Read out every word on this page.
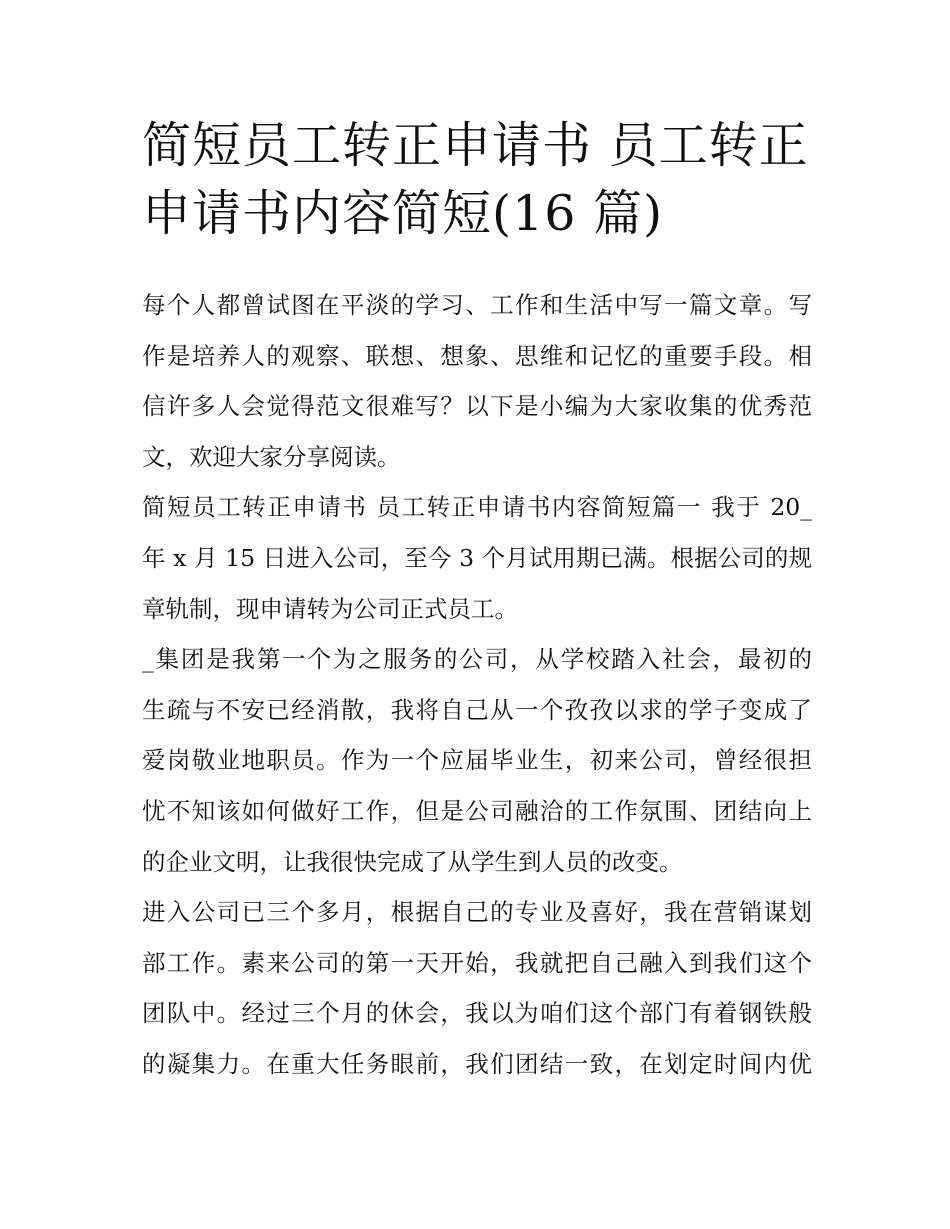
简短员工转正申请书 员工转正
申请书内容简短(16 篇)
每个人都曾试图在平淡的学习、工作和生活中写一篇文章。写
作是培养人的观察、联想、想象、思维和记忆的重要手段。相
信许多人会觉得范文很难写？以下是小编为大家收集的优秀范
文，欢迎大家分享阅读。
简短员工转正申请书 员工转正申请书内容简短篇一 我于 20_
年 x 月 15 日进入公司，至今 3 个月试用期已满。根据公司的规
章轨制，现申请转为公司正式员工。
_集团是我第一个为之服务的公司，从学校踏入社会，最初的
生疏与不安已经消散，我将自己从一个孜孜以求的学子变成了
爱岗敬业地职员。作为一个应届毕业生，初来公司，曾经很担
忧不知该如何做好工作，但是公司融洽的工作氛围、团结向上
的企业文明，让我很快完成了从学生到人员的改变。
进入公司已三个多月，根据自己的专业及喜好，我在营销谋划
部工作。素来公司的第一天开始，我就把自己融入到我们这个
团队中。经过三个月的休会，我以为咱们这个部门有着钢铁般
的凝集力。在重大任务眼前，我们团结一致，在划定时间内优
